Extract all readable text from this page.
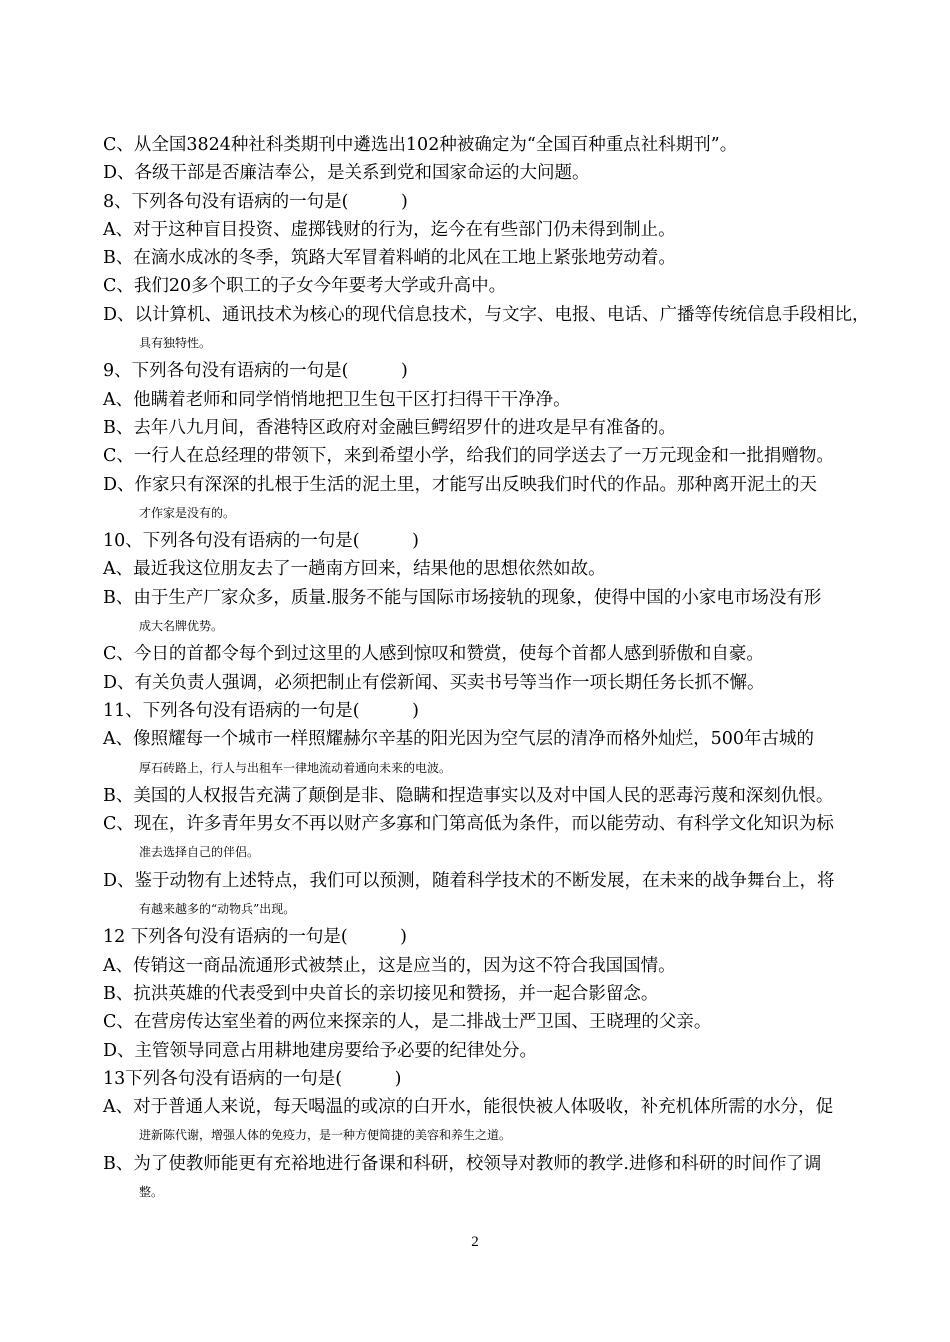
C、从全国3824种社科类期刊中遴选出102种被确定为“全国百种重点社科期刊”。
D、各级干部是否廉洁奉公，是关系到党和国家命运的大问题。
8、下列各句没有语病的一句是(　　　)
A、对于这种盲目投资、虚掷钱财的行为，迄今在有些部门仍未得到制止。
B、在滴水成冰的冬季，筑路大军冒着料峭的北风在工地上紧张地劳动着。
C、我们20多个职工的子女今年要考大学或升高中。
D、以计算机、通讯技术为核心的现代信息技术，与文字、电报、电话、广播等传统信息手段相比，
具有独特性。
9、下列各句没有语病的一句是(　　　)
A、他瞒着老师和同学悄悄地把卫生包干区打扫得干干净净。
B、去年八九月间，香港特区政府对金融巨鳄绍罗什的进攻是早有准备的。
C、一行人在总经理的带领下，来到希望小学，给我们的同学送去了一万元现金和一批捐赠物。
D、作家只有深深的扎根于生活的泥土里，才能写出反映我们时代的作品。那种离开泥土的天
才作家是没有的。
10、下列各句没有语病的一句是(　　　)
A、最近我这位朋友去了一趟南方回来，结果他的思想依然如故。
B、由于生产厂家众多，质量.服务不能与国际市场接轨的现象，使得中国的小家电市场没有形
成大名牌优势。
C、今日的首都令每个到过这里的人感到惊叹和赞赏，使每个首都人感到骄傲和自豪。
D、有关负责人强调，必须把制止有偿新闻、买卖书号等当作一项长期任务长抓不懈。
11、下列各句没有语病的一句是(　　　)
A、像照耀每一个城市一样照耀赫尔辛基的阳光因为空气层的清净而格外灿烂，500年古城的
厚石砖路上，行人与出租车一律地流动着通向未来的电波。
B、美国的人权报告充满了颠倒是非、隐瞒和捏造事实以及对中国人民的恶毒污蔑和深刻仇恨。
C、现在，许多青年男女不再以财产多寡和门第高低为条件，而以能劳动、有科学文化知识为标
准去选择自己的伴侣。
D、鉴于动物有上述特点，我们可以预测，随着科学技术的不断发展，在未来的战争舞台上，将
有越来越多的“动物兵”出现。
12 下列各句没有语病的一句是(　　　)
A、传销这一商品流通形式被禁止，这是应当的，因为这不符合我国国情。
B、抗洪英雄的代表受到中央首长的亲切接见和赞扬，并一起合影留念。
C、在营房传达室坐着的两位来探亲的人，是二排战士严卫国、王晓理的父亲。
D、主管领导同意占用耕地建房要给予必要的纪律处分。
13下列各句没有语病的一句是(　　　)
A、对于普通人来说，每天喝温的或凉的白开水，能很快被人体吸收，补充机体所需的水分，促
进新陈代谢，增强人体的免疫力，是一种方便简捷的美容和养生之道。
B、为了使教师能更有充裕地进行备课和科研，校领导对教师的教学.进修和科研的时间作了调
整。
2
